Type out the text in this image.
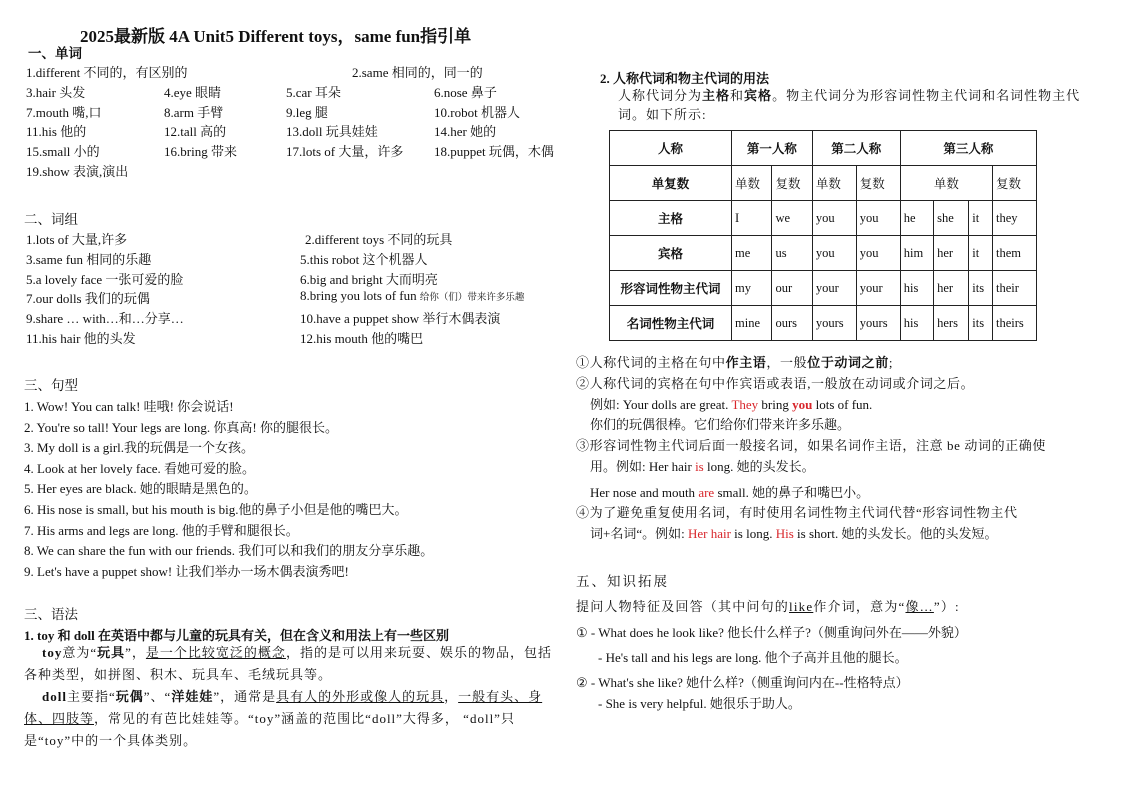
2025最新版 4A Unit5 Different toys，same fun指引单
一、单词
1.different 不同的，有区别的	2.same 相同的，同一的
3.hair 头发	4.eye 眼睛	5.car 耳朵	6.nose 鼻子
7.mouth 嘴,口	8.arm 手臂	9.leg 腿	10.robot 机器人
11.his 他的	12.tall 高的	13.doll 玩具娃娃	14.her 她的
15.small 小的	16.bring 带来	17.lots of 大量，许多 18.puppet 玩偶，木偶
19.show 表演,演出
二、词组
1.lots of 大量,许多	2.different toys 不同的玩具
3.same fun 相同的乐趣	5.this robot 这个机器人
5.a lovely face 一张可爱的脸	6.big and bright 大而明亮
7.our dolls 我们的玩偶	8.bring you lots of fun 给你（们）带来许多乐趣
9.share … with…和…分享…	10.have a puppet show 举行木偶表演
11.his hair 他的头发	12.his mouth 他的嘴巴
三、句型
1. Wow! You can talk! 哇哦! 你会说话!
2. You're so tall! Your legs are long. 你真高! 你的腿很长。
3. My doll is a girl.我的玩偶是一个女孩。
4. Look at her lovely face. 看她可爱的脸。
5. Her eyes are black. 她的眼睛是黑色的。
6. His nose is small, but his mouth is big.他的鼻子小但是他的嘴巴大。
7. His arms and legs are long. 他的手臂和腿很长。
8. We can share the fun with our friends. 我们可以和我们的朋友分享乐趣。
9. Let's have a puppet show! 让我们举办一场木偶表演秀吧!
三、语法
1. toy 和 doll 在英语中都与儿童的玩具有关，但在含义和用法上有一些区别
toy意为“玩具”，是一个比较宽泛的概念，指的是可以用来玩耍、娱乐的物品，包括各种类型，如拼图、积木、玩具车、毛绒玩具等。
doll主要指“玩偶”、“洋娃娃”，通常是具有人的外形或像人的玩具，一般有头、身体、四肢等，常见的有芭比娃娃等。“toy”涵盖的范围比“doll”大得多， “doll”只是“toy”中的一个具体类别。
2. 人称代词和物主代词的用法
人称代词分为主格和宾格。物主代词分为形容词性物主代词和名词性物主代词。如下所示:
人称	第一人称		第二人称		第三人称			
单复数	单数	复数	单数	复数	单数			复数
主格	I	we	you	you	he	she	it	they
宾格	me	us	you	you	him	her	it	them
形容词性物主代词	my	our	your	your	his	her	its	their
名词性物主代词	mine	ours	yours	yours	his	hers	its	theirs
①人称代词的主格在句中作主语，一般位于动词之前;
②人称代词的宾格在句中作宾语或表语,一般放在动词或介词之后。
例如: Your dolls are great. They bring you lots of fun.
你们的玩偶很棒。它们给你们带来许多乐趣。
③形容词性物主代词后面一般接名词，如果名词作主语，注意 be 动词的正确使
用。例如: Her hair is long. 她的头发长。
Her nose and mouth are small. 她的鼻子和嘴巴小。
④为了避免重复使用名词，有时使用名词性物主代词代替“形容词性物主代
词+名词“。例如: Her hair is long. His is short. 她的头发长。他的头发短。
五、知识拓展
提问人物特征及回答（其中问句的like作介词，意为“像…”）:
① - What does he look like? 他长什么样子?（侧重询问外在——外貌）
- He's tall and his legs are long. 他个子高并且他的腿长。
② - What's she like? 她什么样?（侧重询问内在--性格特点）
- She is very helpful. 她很乐于助人。
